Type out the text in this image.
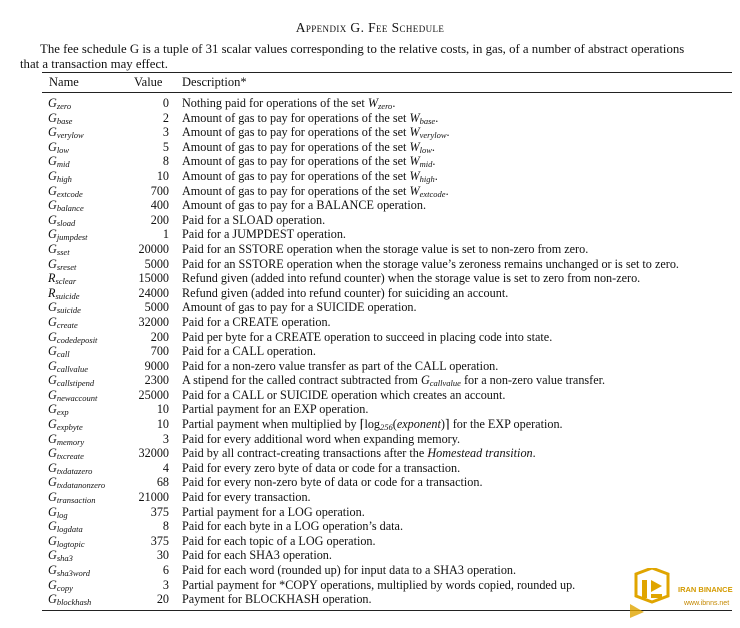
Appendix G. Fee Schedule
The fee schedule G is a tuple of 31 scalar values corresponding to the relative costs, in gas, of a number of abstract operations that a transaction may effect.
Name	Value Description*
$G_{zero}$	0 Nothing paid for operations of the set $W_{zero}$.
$G_{base}$	2 Amount of gas to pay for operations of the set $W_{base}$.
$G_{verylow}$	3 Amount of gas to pay for operations of the set $W_{verylow}$.
$G_{low}$	5 Amount of gas to pay for operations of the set $W_{low}$.
$G_{mid}$	8 Amount of gas to pay for operations of the set $W_{mid}$.
$G_{high}$	10 Amount of gas to pay for operations of the set $W_{high}$.
$G_{extcode}$	700 Amount of gas to pay for operations of the set $W_{extcode}$.
$G_{balance}$	400 Amount of gas to pay for a BALANCE operation.
$G_{sload}$	200 Paid for a SLOAD operation.
$G_{jumpdest}$	1 Paid for a JUMPDEST operation.
$G_{sset}$	20000 Paid for an SSTORE operation when the storage value is set to non-zero from zero.
$G_{sreset}$	5000 Paid for an SSTORE operation when the storage value’s zeroness remains unchanged or is set to zero.
$R_{sclear}$	15000 Refund given (added into refund counter) when the storage value is set to zero from non-zero.
$R_{suicide}$	24000 Refund given (added into refund counter) for suiciding an account.
$G_{suicide}$	5000 Amount of gas to pay for a SUICIDE operation.
$G_{create}$	32000 Paid for a CREATE operation.
$G_{codedeposit}$	200 Paid per byte for a CREATE operation to succeed in placing code into state.
$G_{call}$	700 Paid for a CALL operation.
$G_{callvalue}$	9000 Paid for a non-zero value transfer as part of the CALL operation.
$G_{callstipend}$	2300 A stipend for the called contract subtracted from $G_{callvalue}$ for a non-zero value transfer.
$G_{newaccount}$	25000 Paid for a CALL or SUICIDE operation which creates an account.
$G_{exp}$	10 Partial payment for an EXP operation.
$G_{expbyte}$	10 Partial payment when multiplied by $⌈\log_{256}(exponent)⌉$ for the EXP operation.
$G_{memory}$	3 Paid for every additional word when expanding memory.
$G_{txcreate}$	32000 Paid by all contract-creating transactions after the Homestead transition.
$G_{txdatazero}$	4 Paid for every zero byte of data or code for a transaction.
$G_{txdatanonzero}$	68 Paid for every non-zero byte of data or code for a transaction.
$G_{transaction}$	21000 Paid for every transaction.
$G_{log}$	375 Partial payment for a LOG operation.
$G_{logdata}$	8 Paid for each byte in a LOG operation’s data.
$G_{logtopic}$	375 Paid for each topic of a LOG operation.
$G_{sha3}$	30 Paid for each SHA3 operation.
$G_{sha3word}$	6 Paid for each word (rounded up) for input data to a SHA3 operation.
$G_{copy}$	3 Partial payment for *COPY operations, multiplied by words copied, rounded up.
$G_{blockhash}$	20 Payment for BLOCKHASH operation.
IRAN BINANCE
www.ibnns.net
